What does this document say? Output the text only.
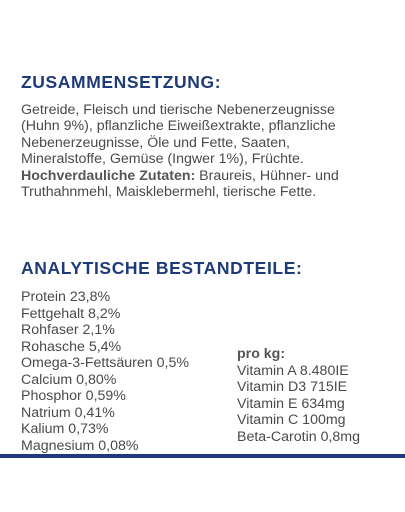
ZUSAMMENSETZUNG:
Getreide, Fleisch und tierische Nebenerzeugnisse
(Huhn 9%), pflanzliche Eiweißextrakte, pflanzliche
Nebenerzeugnisse, Öle und Fette, Saaten,
Mineralstoffe, Gemüse (Ingwer 1%), Früchte.
Hochverdauliche Zutaten: Braureis, Hühner- und
Truthahnmehl, Maisklebermehl, tierische Fette.
ANALYTISCHE BESTANDTEILE:
Protein 23,8%
Fettgehalt 8,2%
Rohfaser 2,1%
Rohasche 5,4%
Omega-3-Fettsäuren 0,5%
Calcium 0,80%
Phosphor 0,59%
Natrium 0,41%
Kalium 0,73%
Magnesium 0,08%
pro kg:
Vitamin A 8.480IE
Vitamin D3 715IE
Vitamin E 634mg
Vitamin C 100mg
Beta-Carotin 0,8mg
